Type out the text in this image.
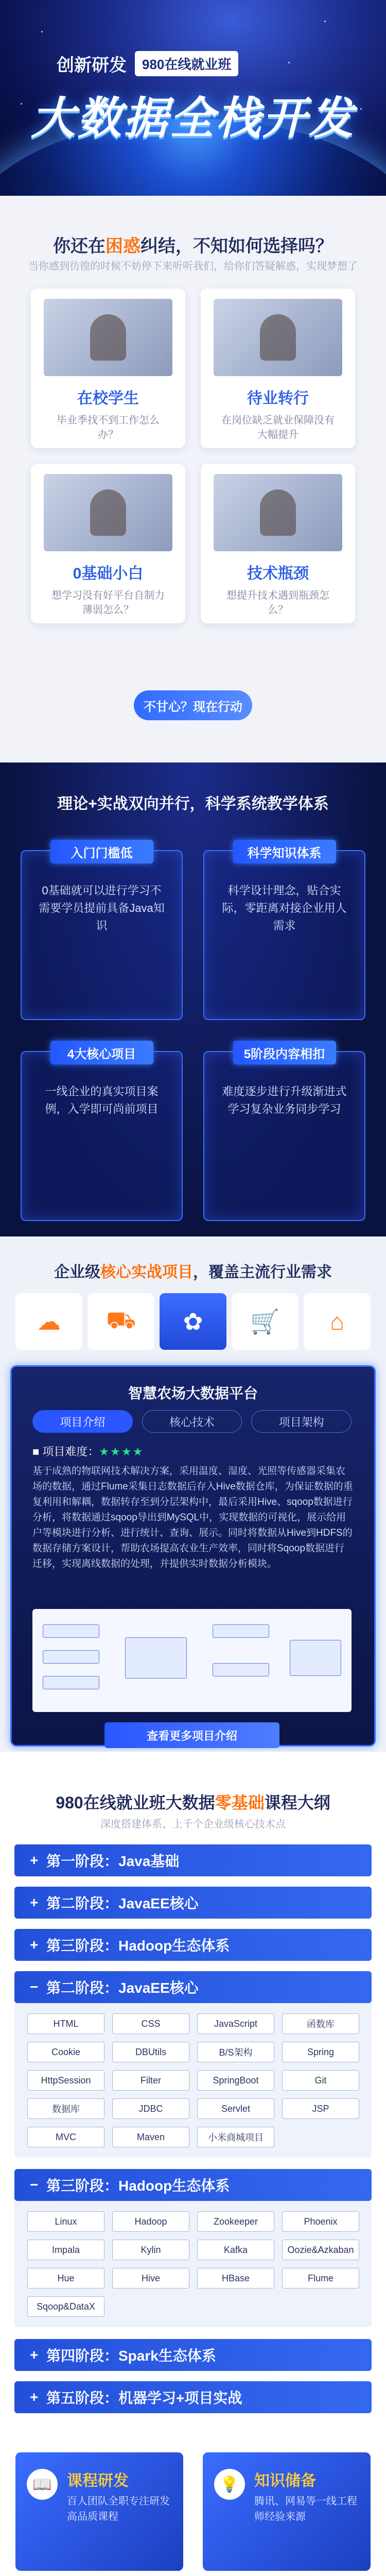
创新研发	980在线就业班
大数据全栈开发
你还在困惑纠结，不知如何选择吗？
当你感到彷徨的时候不妨停下来听听我们，给你们答疑解惑，实现梦想了
在校学生
毕业季找不到工作怎么办？
待业转行
在岗位缺乏就业保障没有大幅提升
0基础小白
想学习没有好平台自制力薄弱怎么？
技术瓶颈
想提升技术遇到瓶颈怎么？
不甘心？现在行动
理论+实战双向并行，科学系统教学体系
入门门槛低
0基础就可以进行学习不需要学员提前具备Java知识
科学知识体系
科学设计理念，贴合实际，零距离对接企业用人需求
4大核心项目
一线企业的真实项目案例，入学即可尚前项目
5阶段内容相扣
难度逐步进行升级渐进式学习复杂业务同步学习
企业级核心实战项目，覆盖主流行业需求
☁ ⛟ ✿ 🛒 ⌂
智慧农场大数据平台
项目介绍	核心技术	项目架构
■ 项目难度：★★★★
基于成熟的物联网技术解决方案，采用温度、湿度、光照等传感器采集农场的数据，通过Flume采集日志数据后存入Hive数据仓库，为保证数据的重复利用和解耦，数据转存至到分层架构中，最后采用Hive、sqoop数据进行分析，将数据通过sqoop导出到MySQL中，实现数据的可视化，展示给用户等模块进行分析、进行统计、查询、展示。同时将数据从Hive到HDFS的数据存储方案设计，帮助农场提高农业生产效率，同时将Sqoop数据进行迁移，实现离线数据的处理，并提供实时数据分析模块。
查看更多项目介绍
980在线就业班大数据零基础课程大纲
深度搭建体系、上千个企业级核心技术点
+ 第一阶段：Java基础
+ 第二阶段：JavaEE核心
+ 第三阶段：Hadoop生态体系
− 第二阶段：JavaEE核心
HTML	CSS	JavaScript	函数库
Cookie	DBUtils	B/S架构	Spring
HttpSession	Filter	SpringBoot	Git
数据库	JDBC	Servlet	JSP
MVC	Maven	小米商城项目
− 第三阶段：Hadoop生态体系
Linux	Hadoop	Zookeeper	Phoenix
Impala	Kylin	Kafka	Oozie&Azkaban
Hue	Hive	HBase	Flume
Sqoop&DataX
+ 第四阶段：Spark生态体系
+ 第五阶段：机器学习+项目实战
📖 课程研发
百人团队全职专注研发高品质课程
💡 知识储备
腾讯、网易等一线工程师经验来源
